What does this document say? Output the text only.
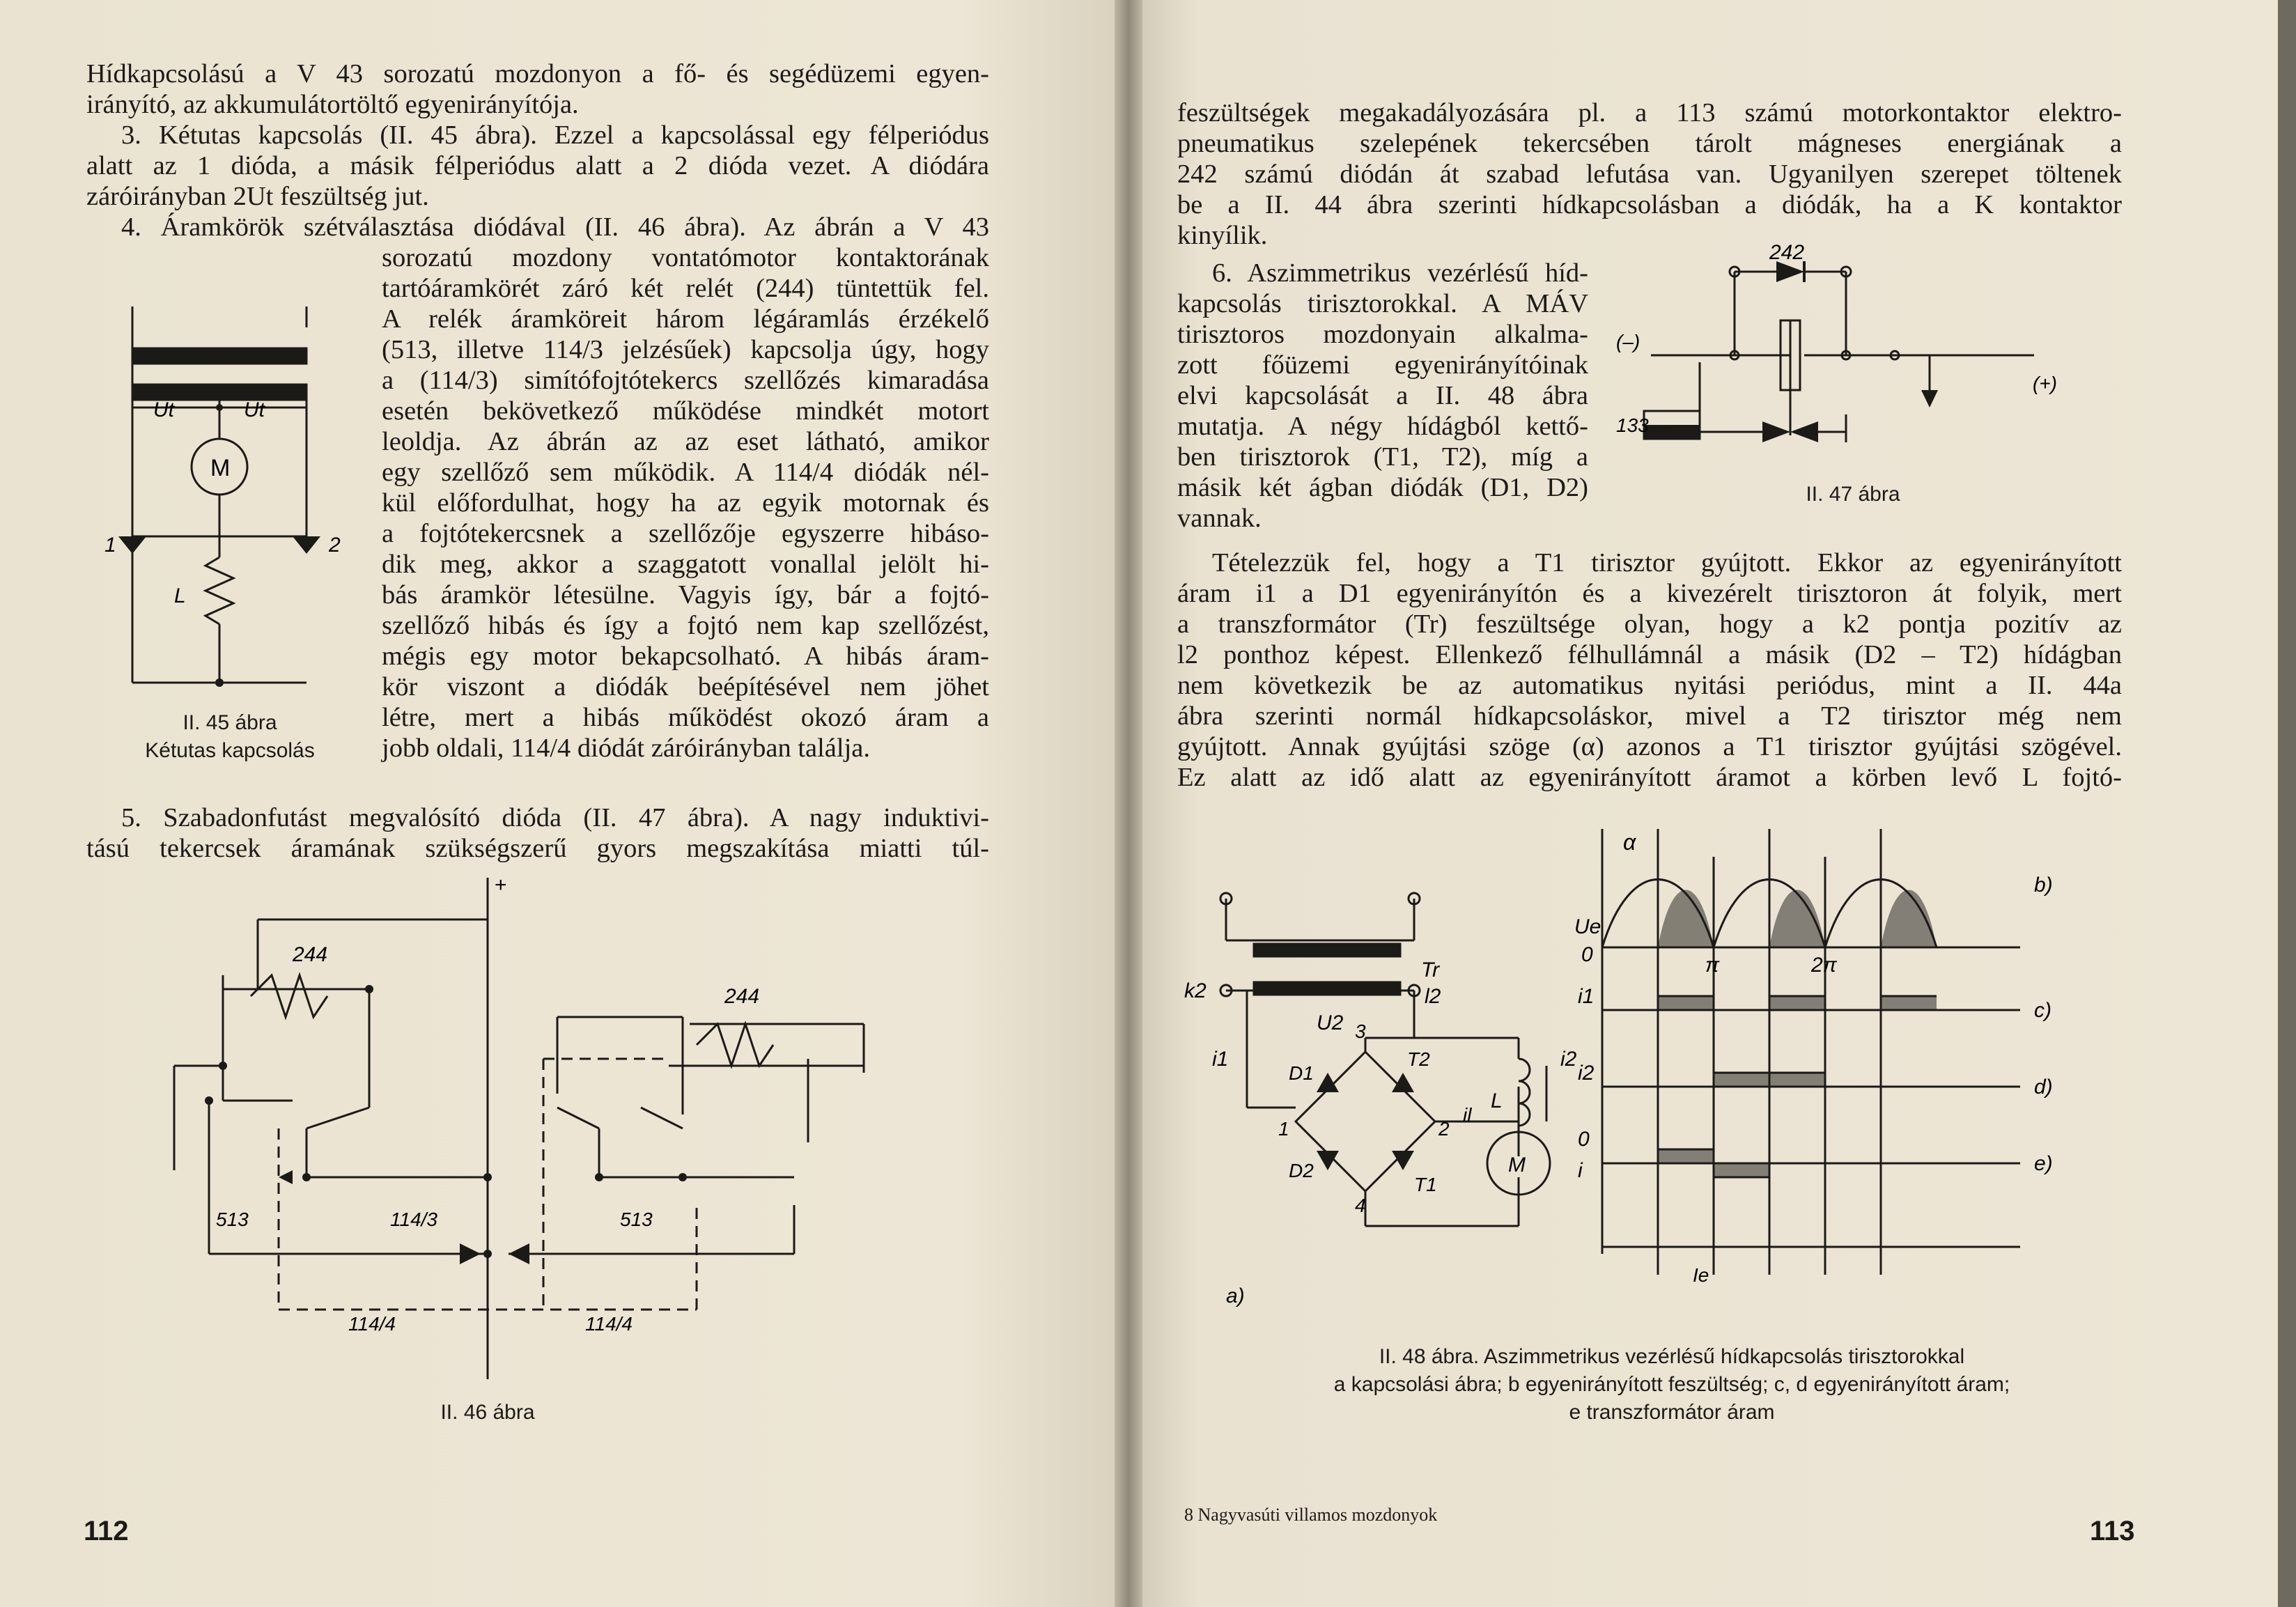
Hídkapcsolású a V 43 sorozatú mozdonyon a fő- és segédüzemi egyen-
irányító, az akkumulátortöltő egyenirányítója.
3. Kétutas kapcsolás (II. 45 ábra). Ezzel a kapcsolással egy félperiódus
alatt az 1 dióda, a másik félperiódus alatt a 2 dióda vezet. A diódára
záróirányban 2Ut feszültség jut.
4. Áramkörök szétválasztása diódával (II. 46 ábra). Az ábrán a V 43
sorozatú mozdony vontatómotor kontaktorának
tartóáramkörét záró két relét (244) tüntettük fel.
A relék áramköreit három légáramlás érzékelő
(513, illetve 114/3 jelzésűek) kapcsolja úgy, hogy
a (114/3) simítófojtótekercs szellőzés kimaradása
esetén bekövetkező működése mindkét motort
leoldja. Az ábrán az az eset látható, amikor
egy szellőző sem működik. A 114/4 diódák nél-
kül előfordulhat, hogy ha az egyik motornak és
a fojtótekercsnek a szellőzője egyszerre hibáso-
dik meg, akkor a szaggatott vonallal jelölt hi-
bás áramkör létesülne. Vagyis így, bár a fojtó-
szellőző hibás és így a fojtó nem kap szellőzést,
mégis egy motor bekapcsolható. A hibás áram-
kör viszont a diódák beépítésével nem jöhet
létre, mert a hibás működést okozó áram a
jobb oldali, 114/4 diódát záróirányban találja.
5. Szabadonfutást megvalósító dióda (II. 47 ábra). A nagy induktivi-
tású tekercsek áramának szükségszerű gyors megszakítása miatti túl-
Ut	Ut
M
1	2
L
II. 45 ábra
Kétutas kapcsolás
+
244
244
513	114/3	513
114/4	114/4
II. 46 ábra
112
feszültségek megakadályozására pl. a 113 számú motorkontaktor elektro-
pneumatikus szelepének tekercsében tárolt mágneses energiának a
242 számú diódán át szabad lefutása van. Ugyanilyen szerepet töltenek
be a II. 44 ábra szerinti hídkapcsolásban a diódák, ha a K kontaktor
kinyílik.
6. Aszimmetrikus vezérlésű híd-
kapcsolás tirisztorokkal. A MÁV
tirisztoros mozdonyain alkalma-
zott főüzemi egyenirányítóinak
elvi kapcsolását a II. 48 ábra
mutatja. A négy hídágból kettő-
ben tirisztorok (T1, T2), míg a
másik két ágban diódák (D1, D2)
vannak.
Tételezzük fel, hogy a T1 tirisztor gyújtott. Ekkor az egyenirányított
áram i1 a D1 egyenirányítón és a kivezérelt tirisztoron át folyik, mert
a transzformátor (Tr) feszültsége olyan, hogy a k2 pontja pozitív az
l2 ponthoz képest. Ellenkező félhullámnál a másik (D2 – T2) hídágban
nem következik be az automatikus nyitási periódus, mint a II. 44a
ábra szerinti normál hídkapcsoláskor, mivel a T2 tirisztor még nem
gyújtott. Annak gyújtási szöge (α) azonos a T1 tirisztor gyújtási szögével.
Ez alatt az idő alatt az egyenirányított áramot a körben levő L fojtó-
242
(–)
(+)
133
II. 47 ábra
Tr
k2	l2
U2
i1	i2
3
1	2
4
D1
D2
T2
T1
il
L
M
a)
Ue
0	π	2π
α
i1
i2
0
i
Ie
b)
c)
d)
e)
II. 48 ábra. Aszimmetrikus vezérlésű hídkapcsolás tirisztorokkal
a kapcsolási ábra; b egyenirányított feszültség; c, d egyenirányított áram;
e transzformátor áram
8 Nagyvasúti villamos mozdonyok
113
